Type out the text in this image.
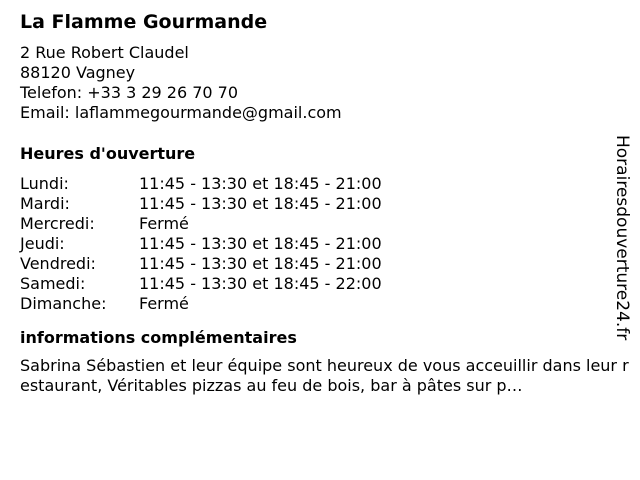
La Flamme Gourmande
2 Rue Robert Claudel
88120 Vagney
Telefon: +33 3 29 26 70 70
Email: laflammegourmande@gmail.com
Heures d'ouverture
Lundi:	11:45 - 13:30 et 18:45 - 21:00
Mardi:	11:45 - 13:30 et 18:45 - 21:00
Mercredi:	Fermé
Jeudi:	11:45 - 13:30 et 18:45 - 21:00
Vendredi:	11:45 - 13:30 et 18:45 - 21:00
Samedi:	11:45 - 13:30 et 18:45 - 22:00
Dimanche:	Fermé
informations complémentaires
Sabrina Sébastien et leur équipe sont heureux de vous acceuillir dans leur restaurant, Véritables pizzas au feu de bois, bar à pâtes sur p…
Horairesdouverture24.fr
